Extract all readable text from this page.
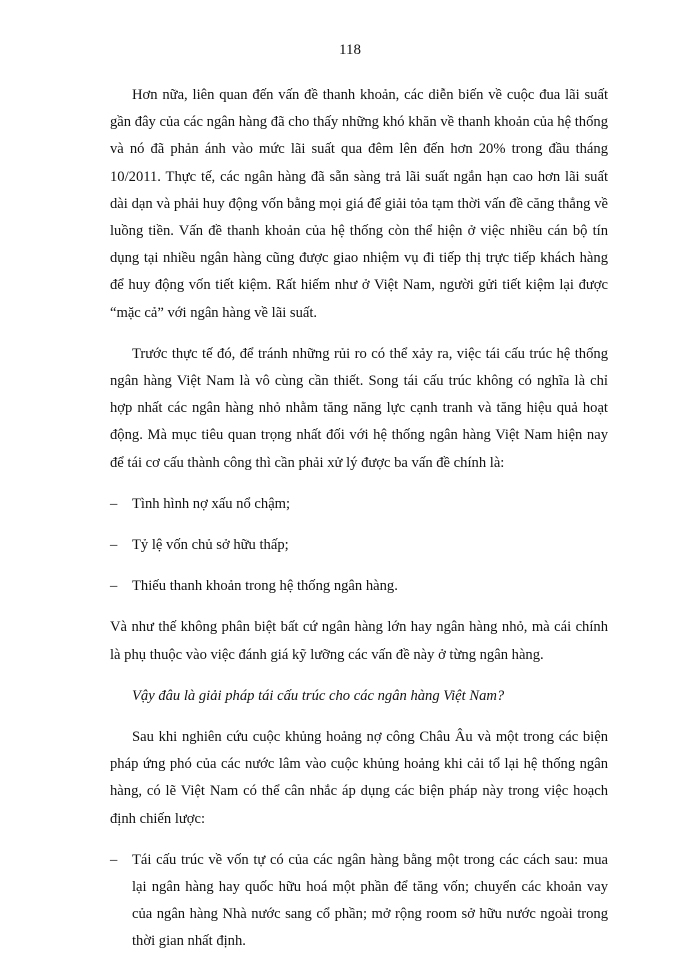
118

Hơn nữa, liên quan đến vấn đề thanh khoản, các diễn biến về cuộc đua lãi suất gần đây của các ngân hàng đã cho thấy những khó khăn về thanh khoản của hệ thống và nó đã phản ánh vào mức lãi suất qua đêm lên đến hơn 20% trong đầu tháng 10/2011. Thực tế, các ngân hàng đã sẵn sàng trả lãi suất ngắn hạn cao hơn lãi suất dài dạn và phải huy động vốn bằng mọi giá để giải tỏa tạm thời vấn đề căng thẳng về luồng tiền. Vấn đề thanh khoản của hệ thống còn thể hiện ở việc nhiều cán bộ tín dụng tại nhiều ngân hàng cũng được giao nhiệm vụ đi tiếp thị trực tiếp khách hàng để huy động vốn tiết kiệm. Rất hiếm như ở Việt Nam, người gửi tiết kiệm lại được “mặc cả” với ngân hàng về lãi suất.

Trước thực tế đó, để tránh những rủi ro có thể xảy ra, việc tái cấu trúc hệ thống ngân hàng Việt Nam là vô cùng cần thiết. Song tái cấu trúc không có nghĩa là chỉ hợp nhất các ngân hàng nhỏ nhằm tăng năng lực cạnh tranh và tăng hiệu quả hoạt động. Mà mục tiêu quan trọng nhất đối với hệ thống ngân hàng Việt Nam hiện nay để tái cơ cấu thành công thì cần phải xử lý được ba vấn đề chính là:

– Tình hình nợ xấu nổ chậm;
– Tỷ lệ vốn chủ sở hữu thấp;
– Thiếu thanh khoản trong hệ thống ngân hàng.

Và như thế không phân biệt bất cứ ngân hàng lớn hay ngân hàng nhỏ, mà cái chính là phụ thuộc vào việc đánh giá kỹ lưỡng các vấn đề này ở từng ngân hàng.

Vậy đâu là giải pháp tái cấu trúc cho các ngân hàng Việt Nam?

Sau khi nghiên cứu cuộc khủng hoảng nợ công Châu Âu và một trong các biện pháp ứng phó của các nước lâm vào cuộc khủng hoảng khi cải tổ lại hệ thống ngân hàng, có lẽ Việt Nam có thể cân nhắc áp dụng các biện pháp này trong việc hoạch định chiến lược:

– Tái cấu trúc về vốn tự có của các ngân hàng bằng một trong các cách sau: mua lại ngân hàng hay quốc hữu hoá một phần để tăng vốn; chuyển các khoản vay của ngân hàng Nhà nước sang cổ phần; mở rộng room sở hữu nước ngoài trong thời gian nhất định.
